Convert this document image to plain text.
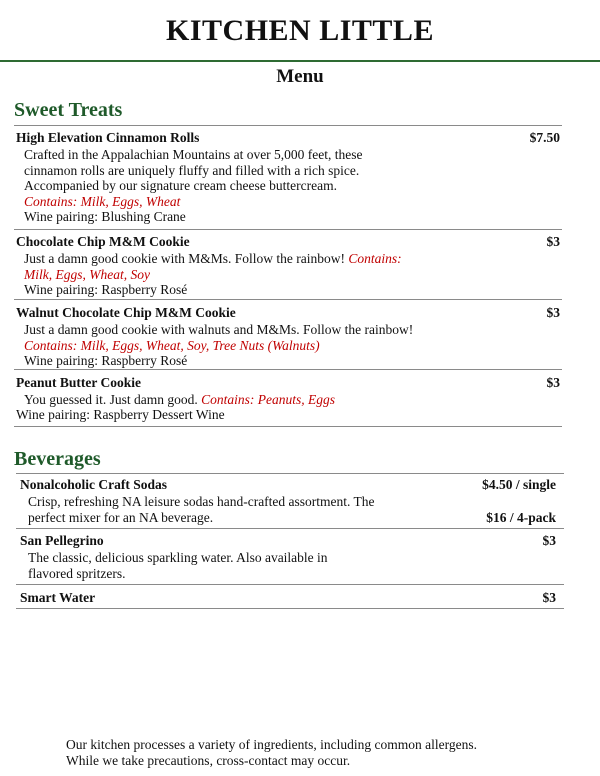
KITCHEN LITTLE
Menu
Sweet Treats
High Elevation Cinnamon Rolls	$7.50
Crafted in the Appalachian Mountains at over 5,000 feet, these
cinnamon rolls are uniquely fluffy and filled with a rich spice.
Accompanied by our signature cream cheese buttercream.
Contains: Milk, Eggs, Wheat
Wine pairing: Blushing Crane
Chocolate Chip M&M Cookie	$3
Just a damn good cookie with M&Ms. Follow the rainbow! Contains:
Milk, Eggs, Wheat, Soy
Wine pairing: Raspberry Rosé
Walnut Chocolate Chip M&M Cookie	$3
Just a damn good cookie with walnuts and M&Ms. Follow the rainbow!
Contains: Milk, Eggs, Wheat, Soy, Tree Nuts (Walnuts)
Wine pairing: Raspberry Rosé
Peanut Butter Cookie	$3
You guessed it. Just damn good. Contains: Peanuts, Eggs
Wine pairing: Raspberry Dessert Wine
Beverages
Nonalcoholic Craft Sodas	$4.50 / single
Crisp, refreshing NA leisure sodas hand-crafted assortment. The
perfect mixer for an NA beverage.	$16 / 4-pack
San Pellegrino	$3
The classic, delicious sparkling water. Also available in
flavored spritzers.
Smart Water	$3
Our kitchen processes a variety of ingredients, including common allergens.
While we take precautions, cross-contact may occur.
